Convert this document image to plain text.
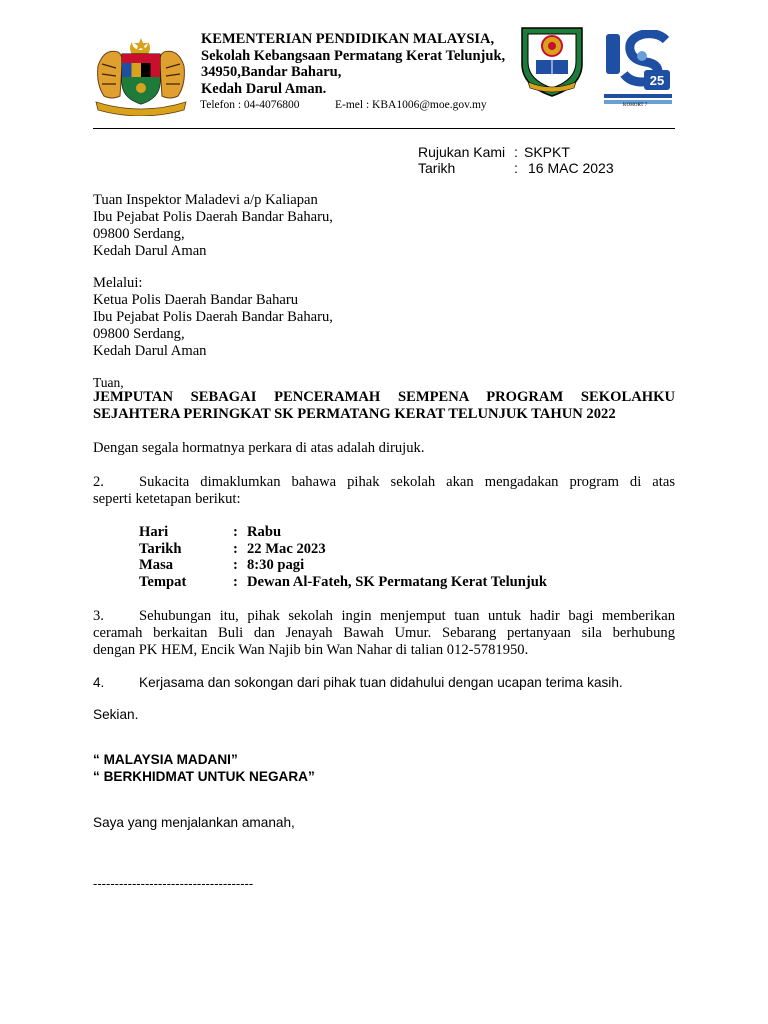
KEMENTERIAN PENDIDIKAN MALAYSIA,
Sekolah Kebangsaan Permatang Kerat Telunjuk,
34950,Bandar Baharu,
Kedah Darul Aman.
Telefon : 04-4076800	E-mel : KBA1006@moe.gov.my
25
KOHORT 7
Rujukan Kami : SKPKT
Tarikh	: 16 MAC 2023
Tuan Inspektor Maladevi a/p Kaliapan
Ibu Pejabat Polis Daerah Bandar Baharu,
09800 Serdang,
Kedah Darul Aman
Melalui:
Ketua Polis Daerah Bandar Baharu
Ibu Pejabat Polis Daerah Bandar Baharu,
09800 Serdang,
Kedah Darul Aman
Tuan,
JEMPUTAN SEBAGAI PENCERAMAH SEMPENA PROGRAM SEKOLAHKU
SEJAHTERA PERINGKAT SK PERMATANG KERAT TELUNJUK TAHUN 2022
Dengan segala hormatnya perkara di atas adalah dirujuk.
2. Sukacita dimaklumkan bahawa pihak sekolah akan mengadakan program di atas
seperti ketetapan berikut:
Hari	: Rabu
Tarikh	: 22 Mac 2023
Masa	: 8:30 pagi
Tempat	: Dewan Al-Fateh, SK Permatang Kerat Telunjuk
3. Sehubungan itu, pihak sekolah ingin menjemput tuan untuk hadir bagi memberikan
ceramah berkaitan Buli dan Jenayah Bawah Umur. Sebarang pertanyaan sila berhubung
dengan PK HEM, Encik Wan Najib bin Wan Nahar di talian 012-5781950.
4.	Kerjasama dan sokongan dari pihak tuan didahului dengan ucapan terima kasih.
Sekian.
“ MALAYSIA MADANI”
“ BERKHIDMAT UNTUK NEGARA”
Saya yang menjalankan amanah,
-------------------------------------
